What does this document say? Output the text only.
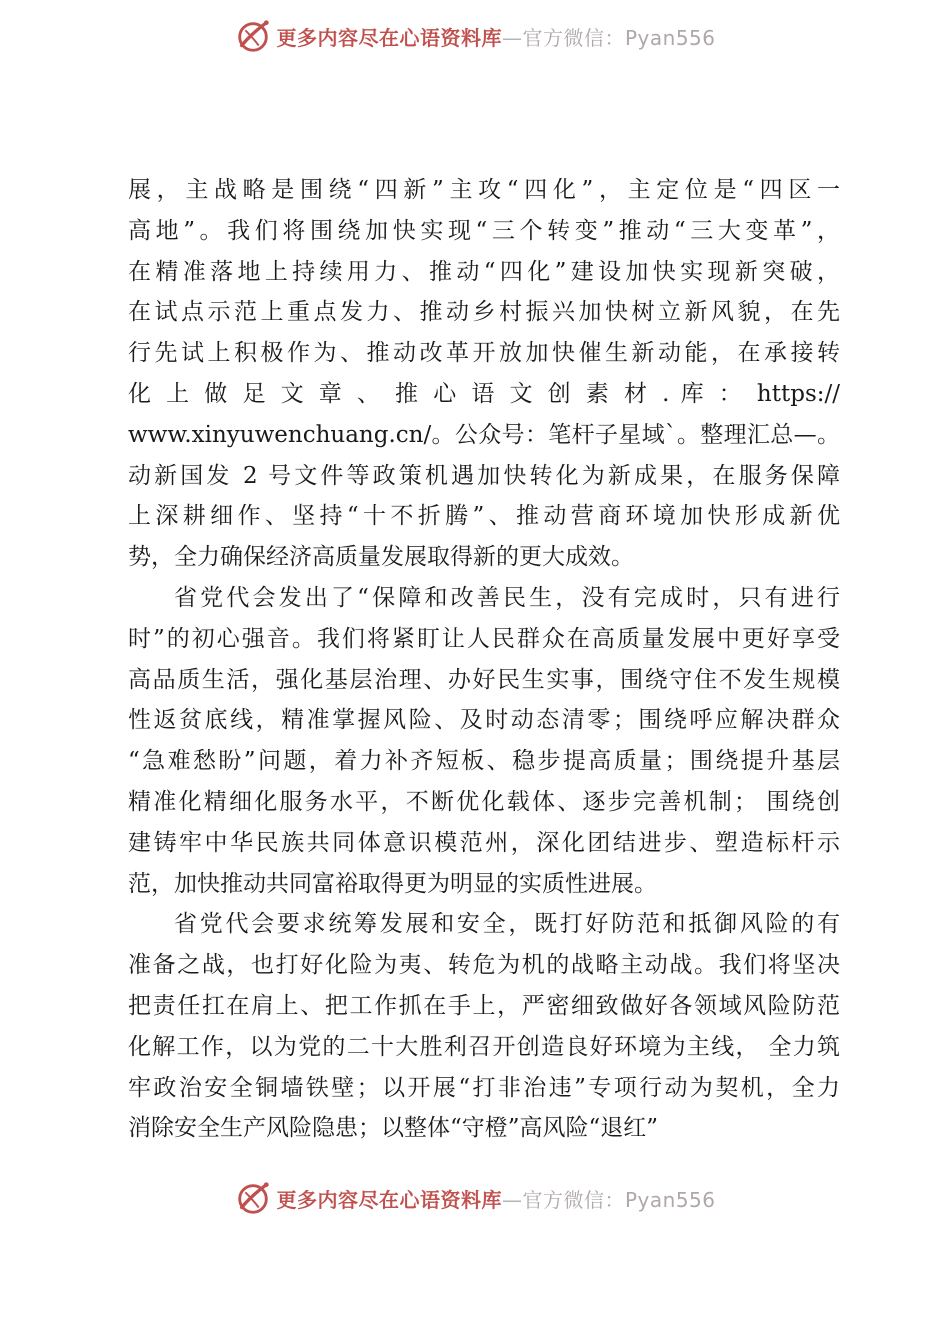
更多内容尽在心语资料库—官方微信：Pyan556
展，主战略是围绕“四新”主攻“四化”，主定位是“四区一
高地”。我们将围绕加快实现“三个转变”推动“三大变革”，
在精准落地上持续用力、推动“四化”建设加快实现新突破，
在试点示范上重点发力、推动乡村振兴加快树立新风貌，在先
行先试上积极作为、推动改革开放加快催生新动能，在承接转
化 上 做 足 文 章 、 推 心 语 文 创 素 材 . 库 ： https://
www.xinyuwenchuang.cn/。公众号：笔杆子星域`。整理汇总—。
动新国发 2 号文件等政策机遇加快转化为新成果，在服务保障
上深耕细作、坚持“十不折腾”、推动营商环境加快形成新优
势，全力确保经济高质量发展取得新的更大成效。
省党代会发出了“保障和改善民生，没有完成时，只有进行
时”的初心强音。我们将紧盯让人民群众在高质量发展中更好享受
高品质生活，强化基层治理、办好民生实事，围绕守住不发生规模
性返贫底线，精准掌握风险、及时动态清零；围绕呼应解决群众
“急难愁盼”问题，着力补齐短板、稳步提高质量；围绕提升基层
精准化精细化服务水平，不断优化载体、逐步完善机制； 围绕创
建铸牢中华民族共同体意识模范州，深化团结进步、塑造标杆示
范，加快推动共同富裕取得更为明显的实质性进展。
省党代会要求统筹发展和安全，既打好防范和抵御风险的有
准备之战，也打好化险为夷、转危为机的战略主动战。我们将坚决
把责任扛在肩上、把工作抓在手上，严密细致做好各领域风险防范
化解工作，以为党的二十大胜利召开创造良好环境为主线， 全力筑
牢政治安全铜墙铁壁；以开展“打非治违”专项行动为契机，全力
消除安全生产风险隐患；以整体“守橙”高风险“退红”
更多内容尽在心语资料库—官方微信：Pyan556
